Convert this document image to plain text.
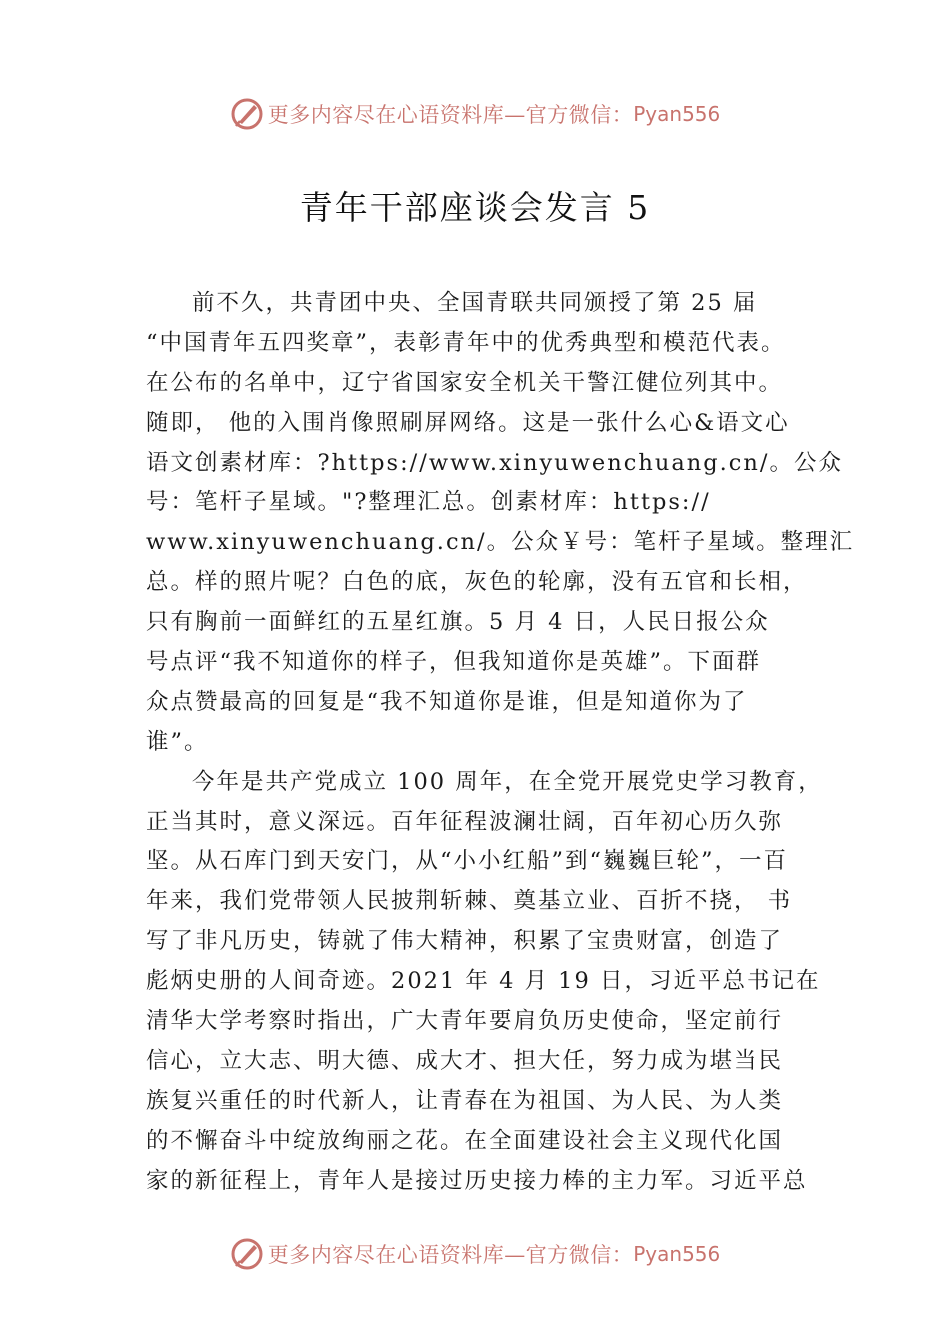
更多内容尽在心语资料库—官方微信： Pyan556
青年干部座谈会发言 5
前不久，共青团中央、全国青联共同颁授了第 25 届
“中国青年五四奖章”，表彰青年中的优秀典型和模范代表。
在公布的名单中，辽宁省国家安全机关干警江健位列其中。
随即， 他的入围肖像照刷屏网络。这是一张什么心&语文心
语文创素材库：?https://www.xinyuwenchuang.cn/。公众
号：笔杆子星域。"?整理汇总。创素材库：https://
www.xinyuwenchuang.cn/。公众￥号：笔杆子星域。整理汇
总。样的照片呢？白色的底，灰色的轮廓，没有五官和长相，
只有胸前一面鲜红的五星红旗。5 月 4 日，人民日报公众
号点评“我不知道你的样子，但我知道你是英雄”。下面群
众点赞最高的回复是“我不知道你是谁，但是知道你为了
谁”。
今年是共产党成立 100 周年，在全党开展党史学习教育，
正当其时，意义深远。百年征程波澜壮阔，百年初心历久弥
坚。从石库门到天安门，从“小小红船”到“巍巍巨轮”，一百
年来，我们党带领人民披荆斩棘、奠基立业、百折不挠， 书
写了非凡历史，铸就了伟大精神，积累了宝贵财富，创造了
彪炳史册的人间奇迹。2021 年 4 月 19 日，习近平总书记在
清华大学考察时指出，广大青年要肩负历史使命，坚定前行
信心，立大志、明大德、成大才、担大任，努力成为堪当民
族复兴重任的时代新人，让青春在为祖国、为人民、为人类
的不懈奋斗中绽放绚丽之花。在全面建设社会主义现代化国
家的新征程上，青年人是接过历史接力棒的主力军。习近平总
更多内容尽在心语资料库—官方微信： Pyan556
